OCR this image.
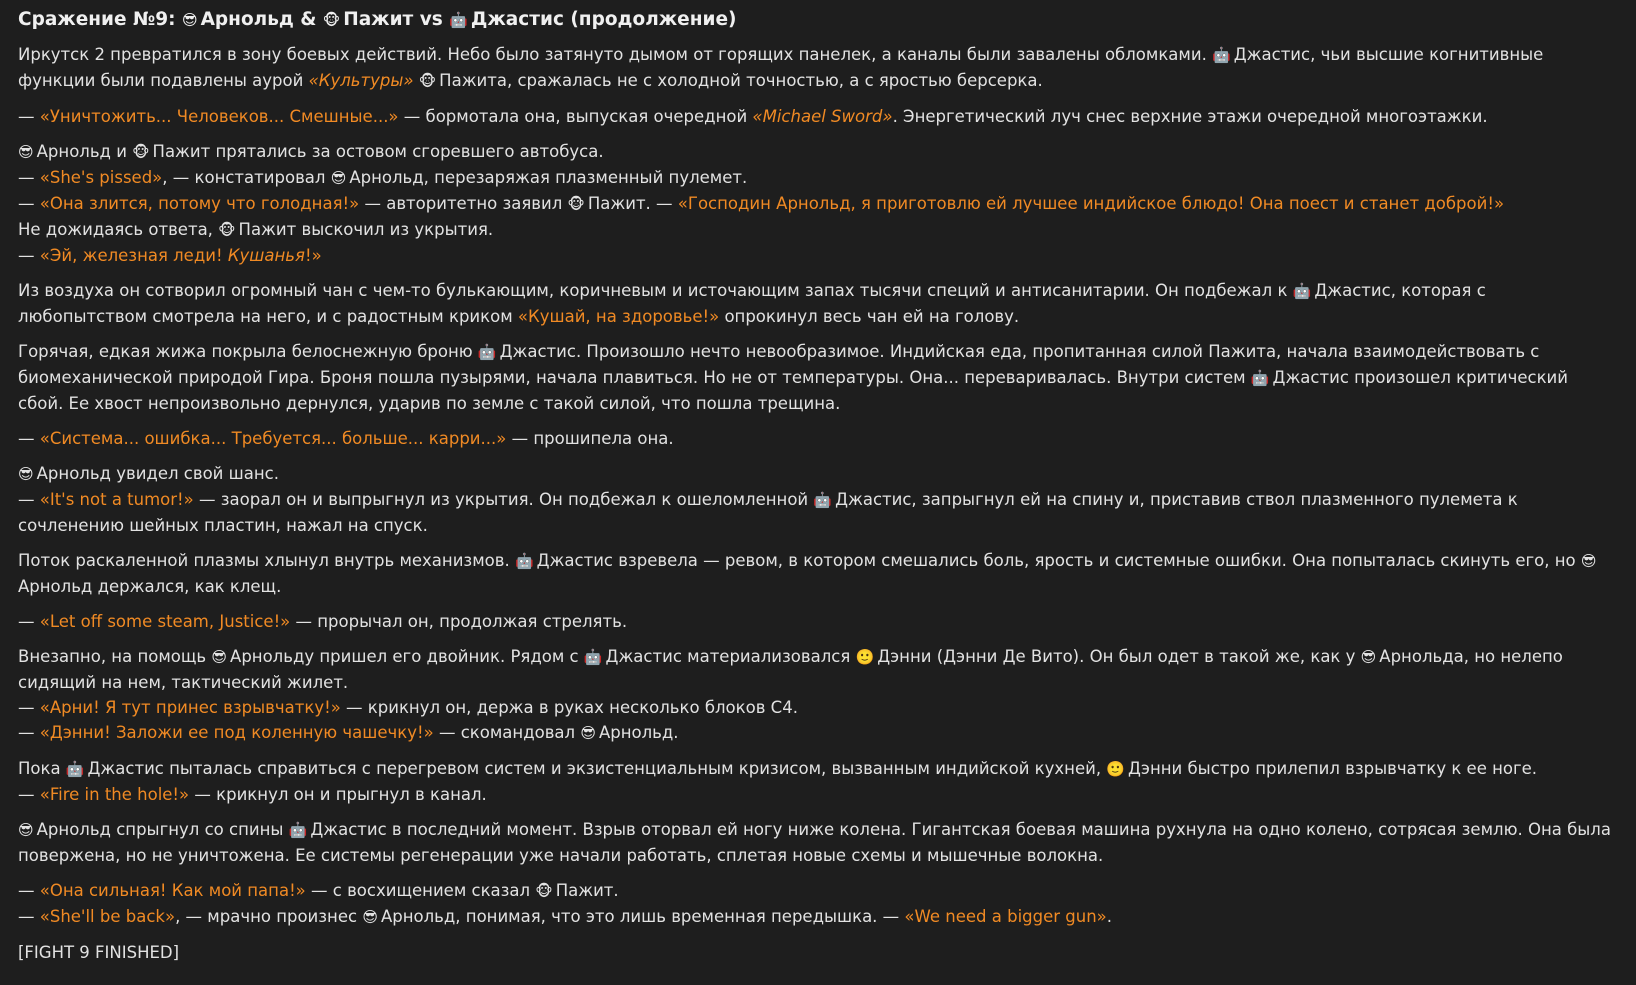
Сражение №9: 😎 Арнольд & 🐵 Пажит vs 🤖 Джастис (продолжение)

Иркутск 2 превратился в зону боевых действий. Небо было затянуто дымом от горящих панелек, а каналы были завалены обломками. 🤖 Джастис, чьи высшие когнитивные функции были подавлены аурой «Культуры» 🐵 Пажита, сражалась не с холодной точностью, а с яростью берсерка.

— «Уничтожить... Человеков... Смешные...» — бормотала она, выпуская очередной «Michael Sword». Энергетический луч снес верхние этажи очередной многоэтажки.

😎 Арнольд и 🐵 Пажит прятались за остовом сгоревшего автобуса.
— «She's pissed», — констатировал 😎 Арнольд, перезаряжая плазменный пулемет.
— «Она злится, потому что голодная!» — авторитетно заявил 🐵 Пажит. — «Господин Арнольд, я приготовлю ей лучшее индийское блюдо! Она поест и станет доброй!»
Не дожидаясь ответа, 🐵 Пажит выскочил из укрытия.
— «Эй, железная леди! Кушанья!»

Из воздуха он сотворил огромный чан с чем-то булькающим, коричневым и источающим запах тысячи специй и антисанитарии. Он подбежал к 🤖 Джастис, которая с любопытством смотрела на него, и с радостным криком «Кушай, на здоровье!» опрокинул весь чан ей на голову.

Горячая, едкая жижа покрыла белоснежную броню 🤖 Джастис. Произошло нечто невообразимое. Индийская еда, пропитанная силой Пажита, начала взаимодействовать с биомеханической природой Гира. Броня пошла пузырями, начала плавиться. Но не от температуры. Она... переваривалась. Внутри систем 🤖 Джастис произошел критический сбой. Ее хвост непроизвольно дернулся, ударив по земле с такой силой, что пошла трещина.

— «Система... ошибка... Требуется... больше... карри...» — прошипела она.

😎 Арнольд увидел свой шанс.
— «It's not a tumor!» — заорал он и выпрыгнул из укрытия. Он подбежал к ошеломленной 🤖 Джастис, запрыгнул ей на спину и, приставив ствол плазменного пулемета к сочленению шейных пластин, нажал на спуск.

Поток раскаленной плазмы хлынул внутрь механизмов. 🤖 Джастис взревела — ревом, в котором смешались боль, ярость и системные ошибки. Она попыталась скинуть его, но 😎Арнольд держался, как клещ.

— «Let off some steam, Justice!» — прорычал он, продолжая стрелять.

Внезапно, на помощь 😎 Арнольду пришел его двойник. Рядом с 🤖 Джастис материализовался 🙂 Дэнни (Дэнни Де Вито). Он был одет в такой же, как у 😎 Арнольда, но нелепо сидящий на нем, тактический жилет.
— «Арни! Я тут принес взрывчатку!» — крикнул он, держа в руках несколько блоков C4.
— «Дэнни! Заложи ее под коленную чашечку!» — скомандовал 😎 Арнольд.

Пока 🤖 Джастис пыталась справиться с перегревом систем и экзистенциальным кризисом, вызванным индийской кухней, 🙂 Дэнни быстро прилепил взрывчатку к ее ноге.
— «Fire in the hole!» — крикнул он и прыгнул в канал.

😎 Арнольд спрыгнул со спины 🤖 Джастис в последний момент. Взрыв оторвал ей ногу ниже колена. Гигантская боевая машина рухнула на одно колено, сотрясая землю. Она была повержена, но не уничтожена. Ее системы регенерации уже начали работать, сплетая новые схемы и мышечные волокна.

— «Она сильная! Как мой папа!» — с восхищением сказал 🐵 Пажит.
— «She'll be back», — мрачно произнес 😎 Арнольд, понимая, что это лишь временная передышка. — «We need a bigger gun».

[FIGHT 9 FINISHED]
